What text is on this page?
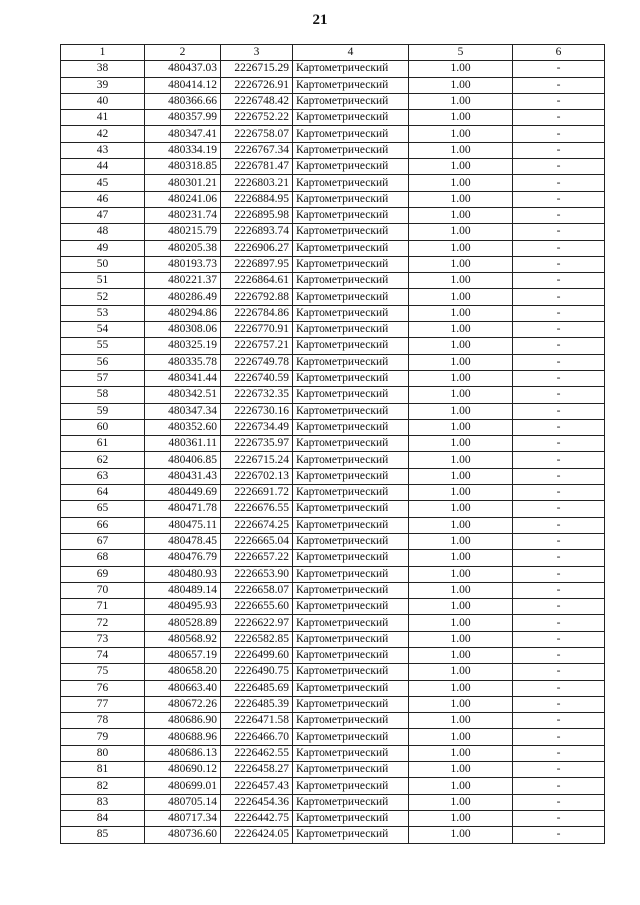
21
1	2	3	4	5	6
38	480437.03	2226715.29	Картометрический	1.00	-
39	480414.12	2226726.91	Картометрический	1.00	-
40	480366.66	2226748.42	Картометрический	1.00	-
41	480357.99	2226752.22	Картометрический	1.00	-
42	480347.41	2226758.07	Картометрический	1.00	-
43	480334.19	2226767.34	Картометрический	1.00	-
44	480318.85	2226781.47	Картометрический	1.00	-
45	480301.21	2226803.21	Картометрический	1.00	-
46	480241.06	2226884.95	Картометрический	1.00	-
47	480231.74	2226895.98	Картометрический	1.00	-
48	480215.79	2226893.74	Картометрический	1.00	-
49	480205.38	2226906.27	Картометрический	1.00	-
50	480193.73	2226897.95	Картометрический	1.00	-
51	480221.37	2226864.61	Картометрический	1.00	-
52	480286.49	2226792.88	Картометрический	1.00	-
53	480294.86	2226784.86	Картометрический	1.00	-
54	480308.06	2226770.91	Картометрический	1.00	-
55	480325.19	2226757.21	Картометрический	1.00	-
56	480335.78	2226749.78	Картометрический	1.00	-
57	480341.44	2226740.59	Картометрический	1.00	-
58	480342.51	2226732.35	Картометрический	1.00	-
59	480347.34	2226730.16	Картометрический	1.00	-
60	480352.60	2226734.49	Картометрический	1.00	-
61	480361.11	2226735.97	Картометрический	1.00	-
62	480406.85	2226715.24	Картометрический	1.00	-
63	480431.43	2226702.13	Картометрический	1.00	-
64	480449.69	2226691.72	Картометрический	1.00	-
65	480471.78	2226676.55	Картометрический	1.00	-
66	480475.11	2226674.25	Картометрический	1.00	-
67	480478.45	2226665.04	Картометрический	1.00	-
68	480476.79	2226657.22	Картометрический	1.00	-
69	480480.93	2226653.90	Картометрический	1.00	-
70	480489.14	2226658.07	Картометрический	1.00	-
71	480495.93	2226655.60	Картометрический	1.00	-
72	480528.89	2226622.97	Картометрический	1.00	-
73	480568.92	2226582.85	Картометрический	1.00	-
74	480657.19	2226499.60	Картометрический	1.00	-
75	480658.20	2226490.75	Картометрический	1.00	-
76	480663.40	2226485.69	Картометрический	1.00	-
77	480672.26	2226485.39	Картометрический	1.00	-
78	480686.90	2226471.58	Картометрический	1.00	-
79	480688.96	2226466.70	Картометрический	1.00	-
80	480686.13	2226462.55	Картометрический	1.00	-
81	480690.12	2226458.27	Картометрический	1.00	-
82	480699.01	2226457.43	Картометрический	1.00	-
83	480705.14	2226454.36	Картометрический	1.00	-
84	480717.34	2226442.75	Картометрический	1.00	-
85	480736.60	2226424.05	Картометрический	1.00	-
